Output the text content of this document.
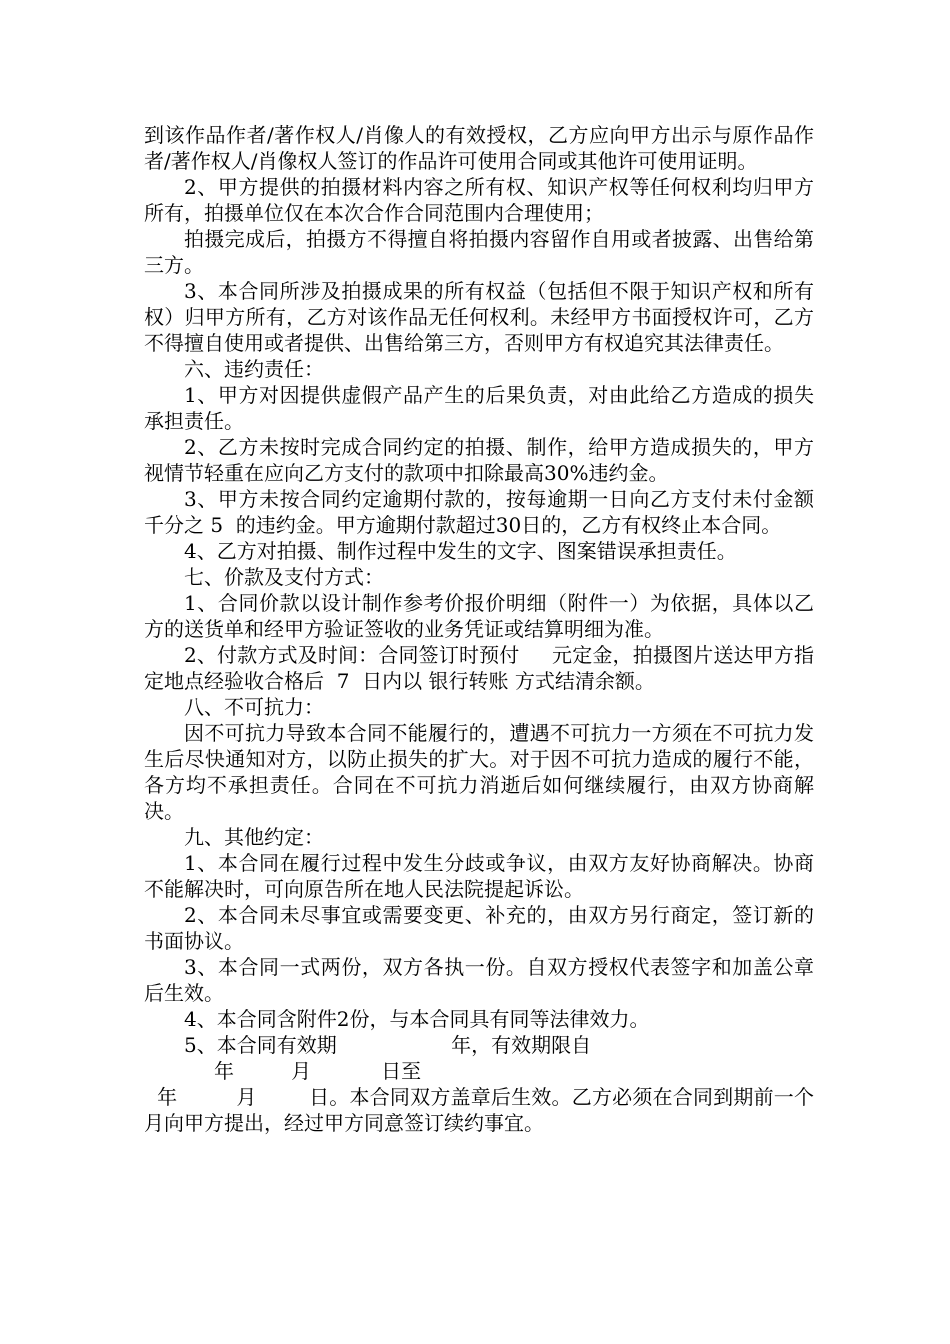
到该作品作者/著作权人/肖像人的有效授权，乙方应向甲方出示与原作品作者/著作权人/肖像权人签订的作品许可使用合同或其他许可使用证明。

2、甲方提供的拍摄材料内容之所有权、知识产权等任何权利均归甲方所有，拍摄单位仅在本次合作合同范围内合理使用；

拍摄完成后，拍摄方不得擅自将拍摄内容留作自用或者披露、出售给第三方。

3、本合同所涉及拍摄成果的所有权益（包括但不限于知识产权和所有权）归甲方所有，乙方对该作品无任何权利。未经甲方书面授权许可，乙方不得擅自使用或者提供、出售给第三方，否则甲方有权追究其法律责任。

六、违约责任：

1、甲方对因提供虚假产品产生的后果负责，对由此给乙方造成的损失承担责任。

2、乙方未按时完成合同约定的拍摄、制作，给甲方造成损失的，甲方视情节轻重在应向乙方支付的款项中扣除最高30%违约金。

3、甲方未按合同约定逾期付款的，按每逾期一日向乙方支付未付金额千分之 5  的违约金。甲方逾期付款超过30日的，乙方有权终止本合同。

4、乙方对拍摄、制作过程中发生的文字、图案错误承担责任。

七、价款及支付方式：

1、合同价款以设计制作参考价报价明细（附件一）为依据，具体以乙方的送货单和经甲方验证签收的业务凭证或结算明细为准。

2、付款方式及时间：合同签订时预付     元定金，拍摄图片送达甲方指定地点经验收合格后  7  日内以 银行转账 方式结清余额。

八、不可抗力：

因不可抗力导致本合同不能履行的，遭遇不可抗力一方须在不可抗力发生后尽快通知对方，以防止损失的扩大。对于因不可抗力造成的履行不能，各方均不承担责任。合同在不可抗力消逝后如何继续履行，由双方协商解决。

九、其他约定：

1、本合同在履行过程中发生分歧或争议，由双方友好协商解决。协商不能解决时，可向原告所在地人民法院提起诉讼。

2、本合同未尽事宜或需要变更、补充的，由双方另行商定，签订新的书面协议。

3、本合同一式两份，双方各执一份。自双方授权代表签字和加盖公章后生效。

4、本合同含附件2份，与本合同具有同等法律效力。

5、本合同有效期                  年，有效期限自
年         月           日至
年         月        日。本合同双方盖章后生效。乙方必须在合同到期前一个月向甲方提出，经过甲方同意签订续约事宜。
